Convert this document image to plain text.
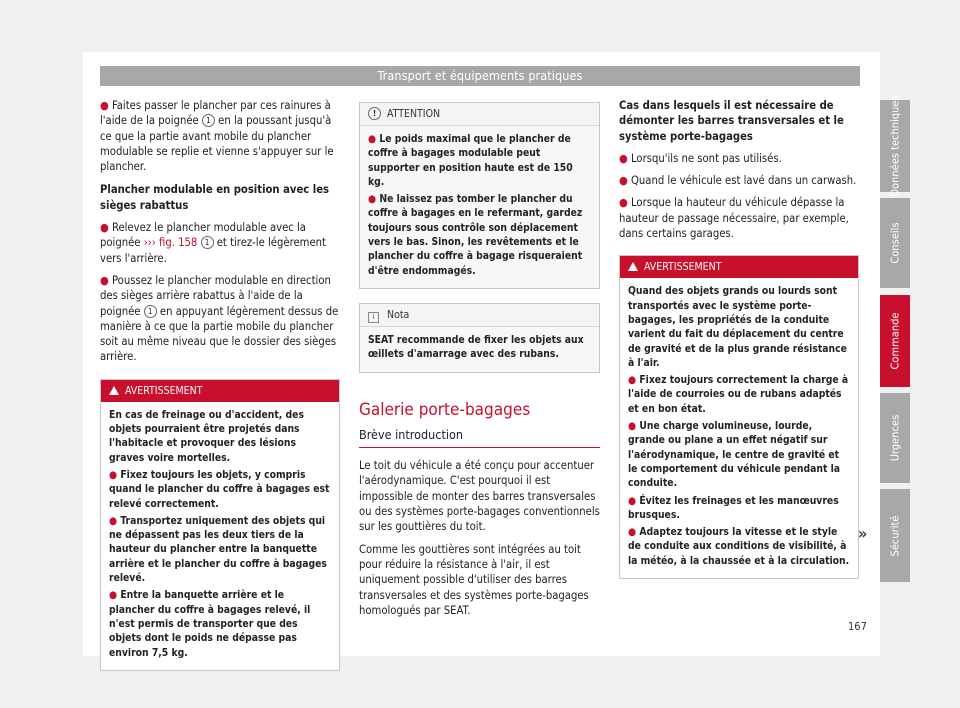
Transport et équipements pratiques

● Faites passer le plancher par ces rainures à l'aide de la poignée 1 en la poussant jusqu'à ce que la partie avant mobile du plancher modulable se replie et vienne s'appuyer sur le plancher.

Plancher modulable en position avec les sièges rabattus

● Relevez le plancher modulable avec la poignée ››› fig. 158 1 et tirez-le légèrement vers l'arrière.

● Poussez le plancher modulable en direction des sièges arrière rabattus à l'aide de la poignée 1 en appuyant légèrement dessus de manière à ce que la partie mobile du plancher soit au même niveau que le dossier des sièges arrière.

AVERTISSEMENT

En cas de freinage ou d'accident, des objets pourraient être projetés dans l'habitacle et provoquer des lésions graves voire mortelles.

● Fixez toujours les objets, y compris quand le plancher du coffre à bagages est relevé correctement.

● Transportez uniquement des objets qui ne dépassent pas les deux tiers de la hauteur du plancher entre la banquette arrière et le plancher du coffre à bagages relevé.

● Entre la banquette arrière et le plancher du coffre à bagages relevé, il n'est permis de transporter que des objets dont le poids ne dépasse pas environ 7,5 kg.

! ATTENTION

● Le poids maximal que le plancher de coffre à bagages modulable peut supporter en position haute est de 150 kg.

● Ne laissez pas tomber le plancher du coffre à bagages en le refermant, gardez toujours sous contrôle son déplacement vers le bas. Sinon, les revêtements et le plancher du coffre à bagage risqueraient d'être endommagés.

i Nota

SEAT recommande de fixer les objets aux œillets d'amarrage avec des rubans.

Galerie porte-bagages
Brève introduction

Le toit du véhicule a été conçu pour accentuer l'aérodynamique. C'est pourquoi il est impossible de monter des barres transversales ou des systèmes porte-bagages conventionnels sur les gouttières du toit.

Comme les gouttières sont intégrées au toit pour réduire la résistance à l'air, il est uniquement possible d'utiliser des barres transversales et des systèmes porte-bagages homologués par SEAT.

Cas dans lesquels il est nécessaire de démonter les barres transversales et le système porte-bagages

● Lorsqu'ils ne sont pas utilisés.

● Quand le véhicule est lavé dans un carwash.

● Lorsque la hauteur du véhicule dépasse la hauteur de passage nécessaire, par exemple, dans certains garages.

AVERTISSEMENT

Quand des objets grands ou lourds sont transportés avec le système porte-bagages, les propriétés de la conduite varient du fait du déplacement du centre de gravité et de la plus grande résistance à l'air.

● Fixez toujours correctement la charge à l'aide de courroies ou de rubans adaptés et en bon état.

● Une charge volumineuse, lourde, grande ou plane a un effet négatif sur l'aérodynamique, le centre de gravité et le comportement du véhicule pendant la conduite.

● Évitez les freinages et les manœuvres brusques.

● Adaptez toujours la vitesse et le style de conduite aux conditions de visibilité, à la météo, à la chaussée et à la circulation.

»
Données techniques
Conseils
Commande
Urgences
Sécurité
167
